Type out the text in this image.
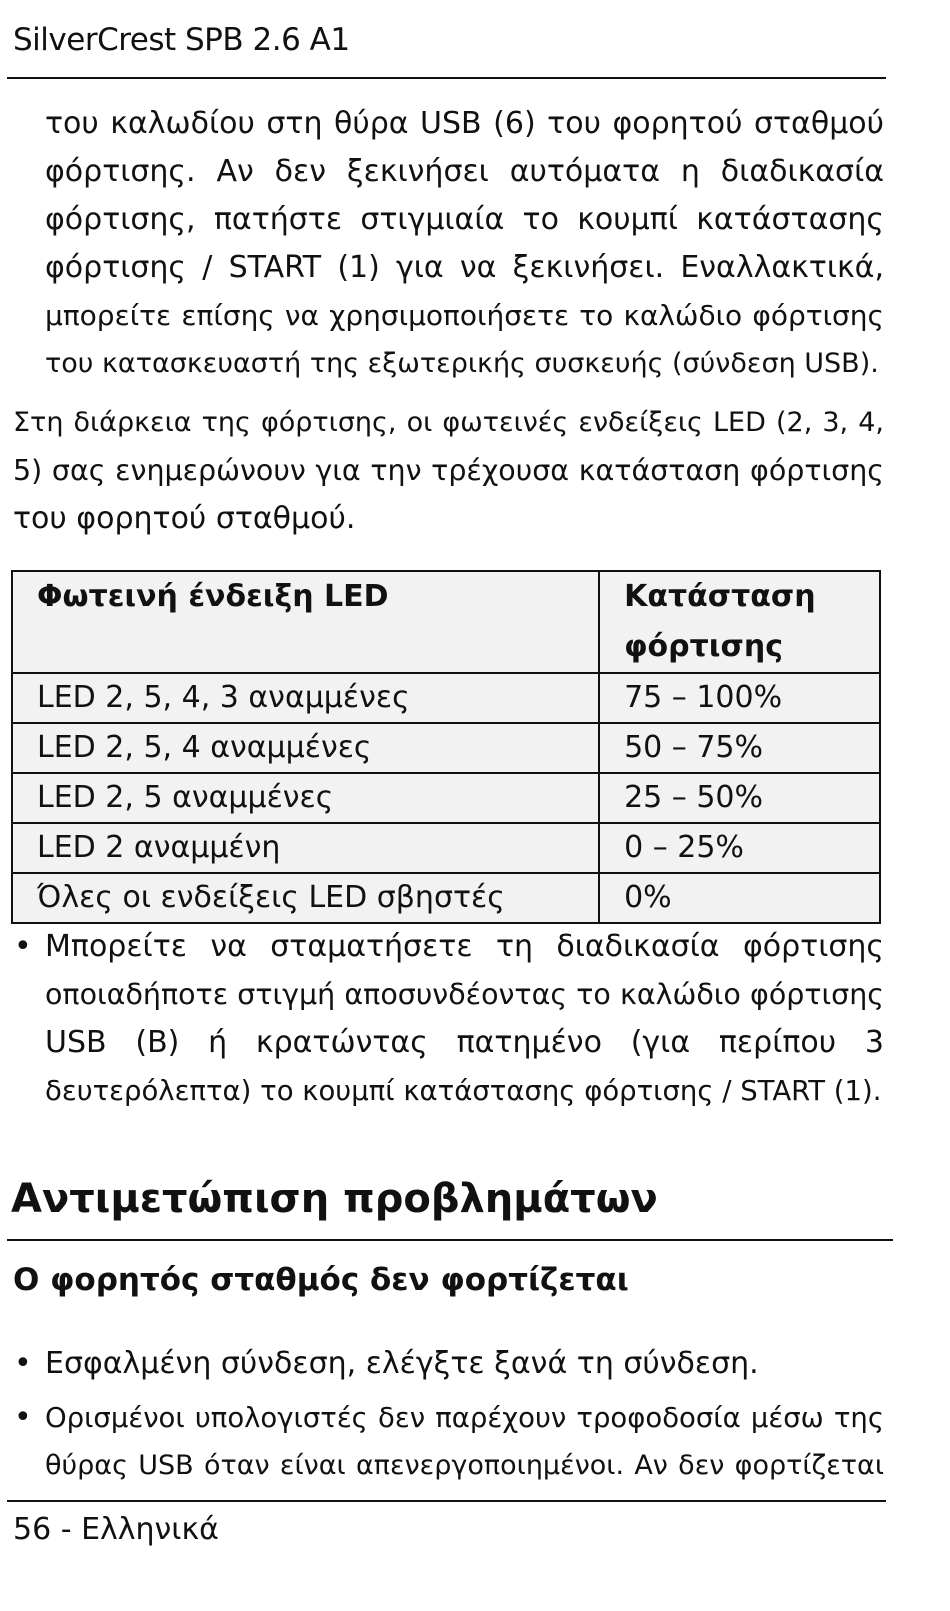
SilverCrest SPB 2.6 A1
του καλωδίου στη θύρα USB (6) του φορητού σταθμού
φόρτισης. Αν δεν ξεκινήσει αυτόματα η διαδικασία
φόρτισης, πατήστε στιγμιαία το κουμπί κατάστασης
φόρτισης / START (1) για να ξεκινήσει. Εναλλακτικά,
μπορείτε επίσης να χρησιμοποιήσετε το καλώδιο φόρτισης
του κατασκευαστή της εξωτερικής συσκευής (σύνδεση USB).
Στη διάρκεια της φόρτισης, οι φωτεινές ενδείξεις LED (2, 3, 4,
5) σας ενημερώνουν για την τρέχουσα κατάσταση φόρτισης
του φορητού σταθμού.
Φωτεινή ένδειξη LED	Κατάσταση φόρτισης
LED 2, 5, 4, 3 αναμμένες	75 – 100%
LED 2, 5, 4 αναμμένες	50 – 75%
LED 2, 5 αναμμένες	25 – 50%
LED 2 αναμμένη	0 – 25%
Όλες οι ενδείξεις LED σβηστές	0%
• Μπορείτε να σταματήσετε τη διαδικασία φόρτισης
οποιαδήποτε στιγμή αποσυνδέοντας το καλώδιο φόρτισης
USB (B) ή κρατώντας πατημένο (για περίπου 3
δευτερόλεπτα) το κουμπί κατάστασης φόρτισης / START (1).
Αντιμετώπιση προβλημάτων
Ο φορητός σταθμός δεν φορτίζεται
• Εσφαλμένη σύνδεση, ελέγξτε ξανά τη σύνδεση.
• Ορισμένοι υπολογιστές δεν παρέχουν τροφοδοσία μέσω της
θύρας USB όταν είναι απενεργοποιημένοι. Αν δεν φορτίζεται
56 - Ελληνικά
